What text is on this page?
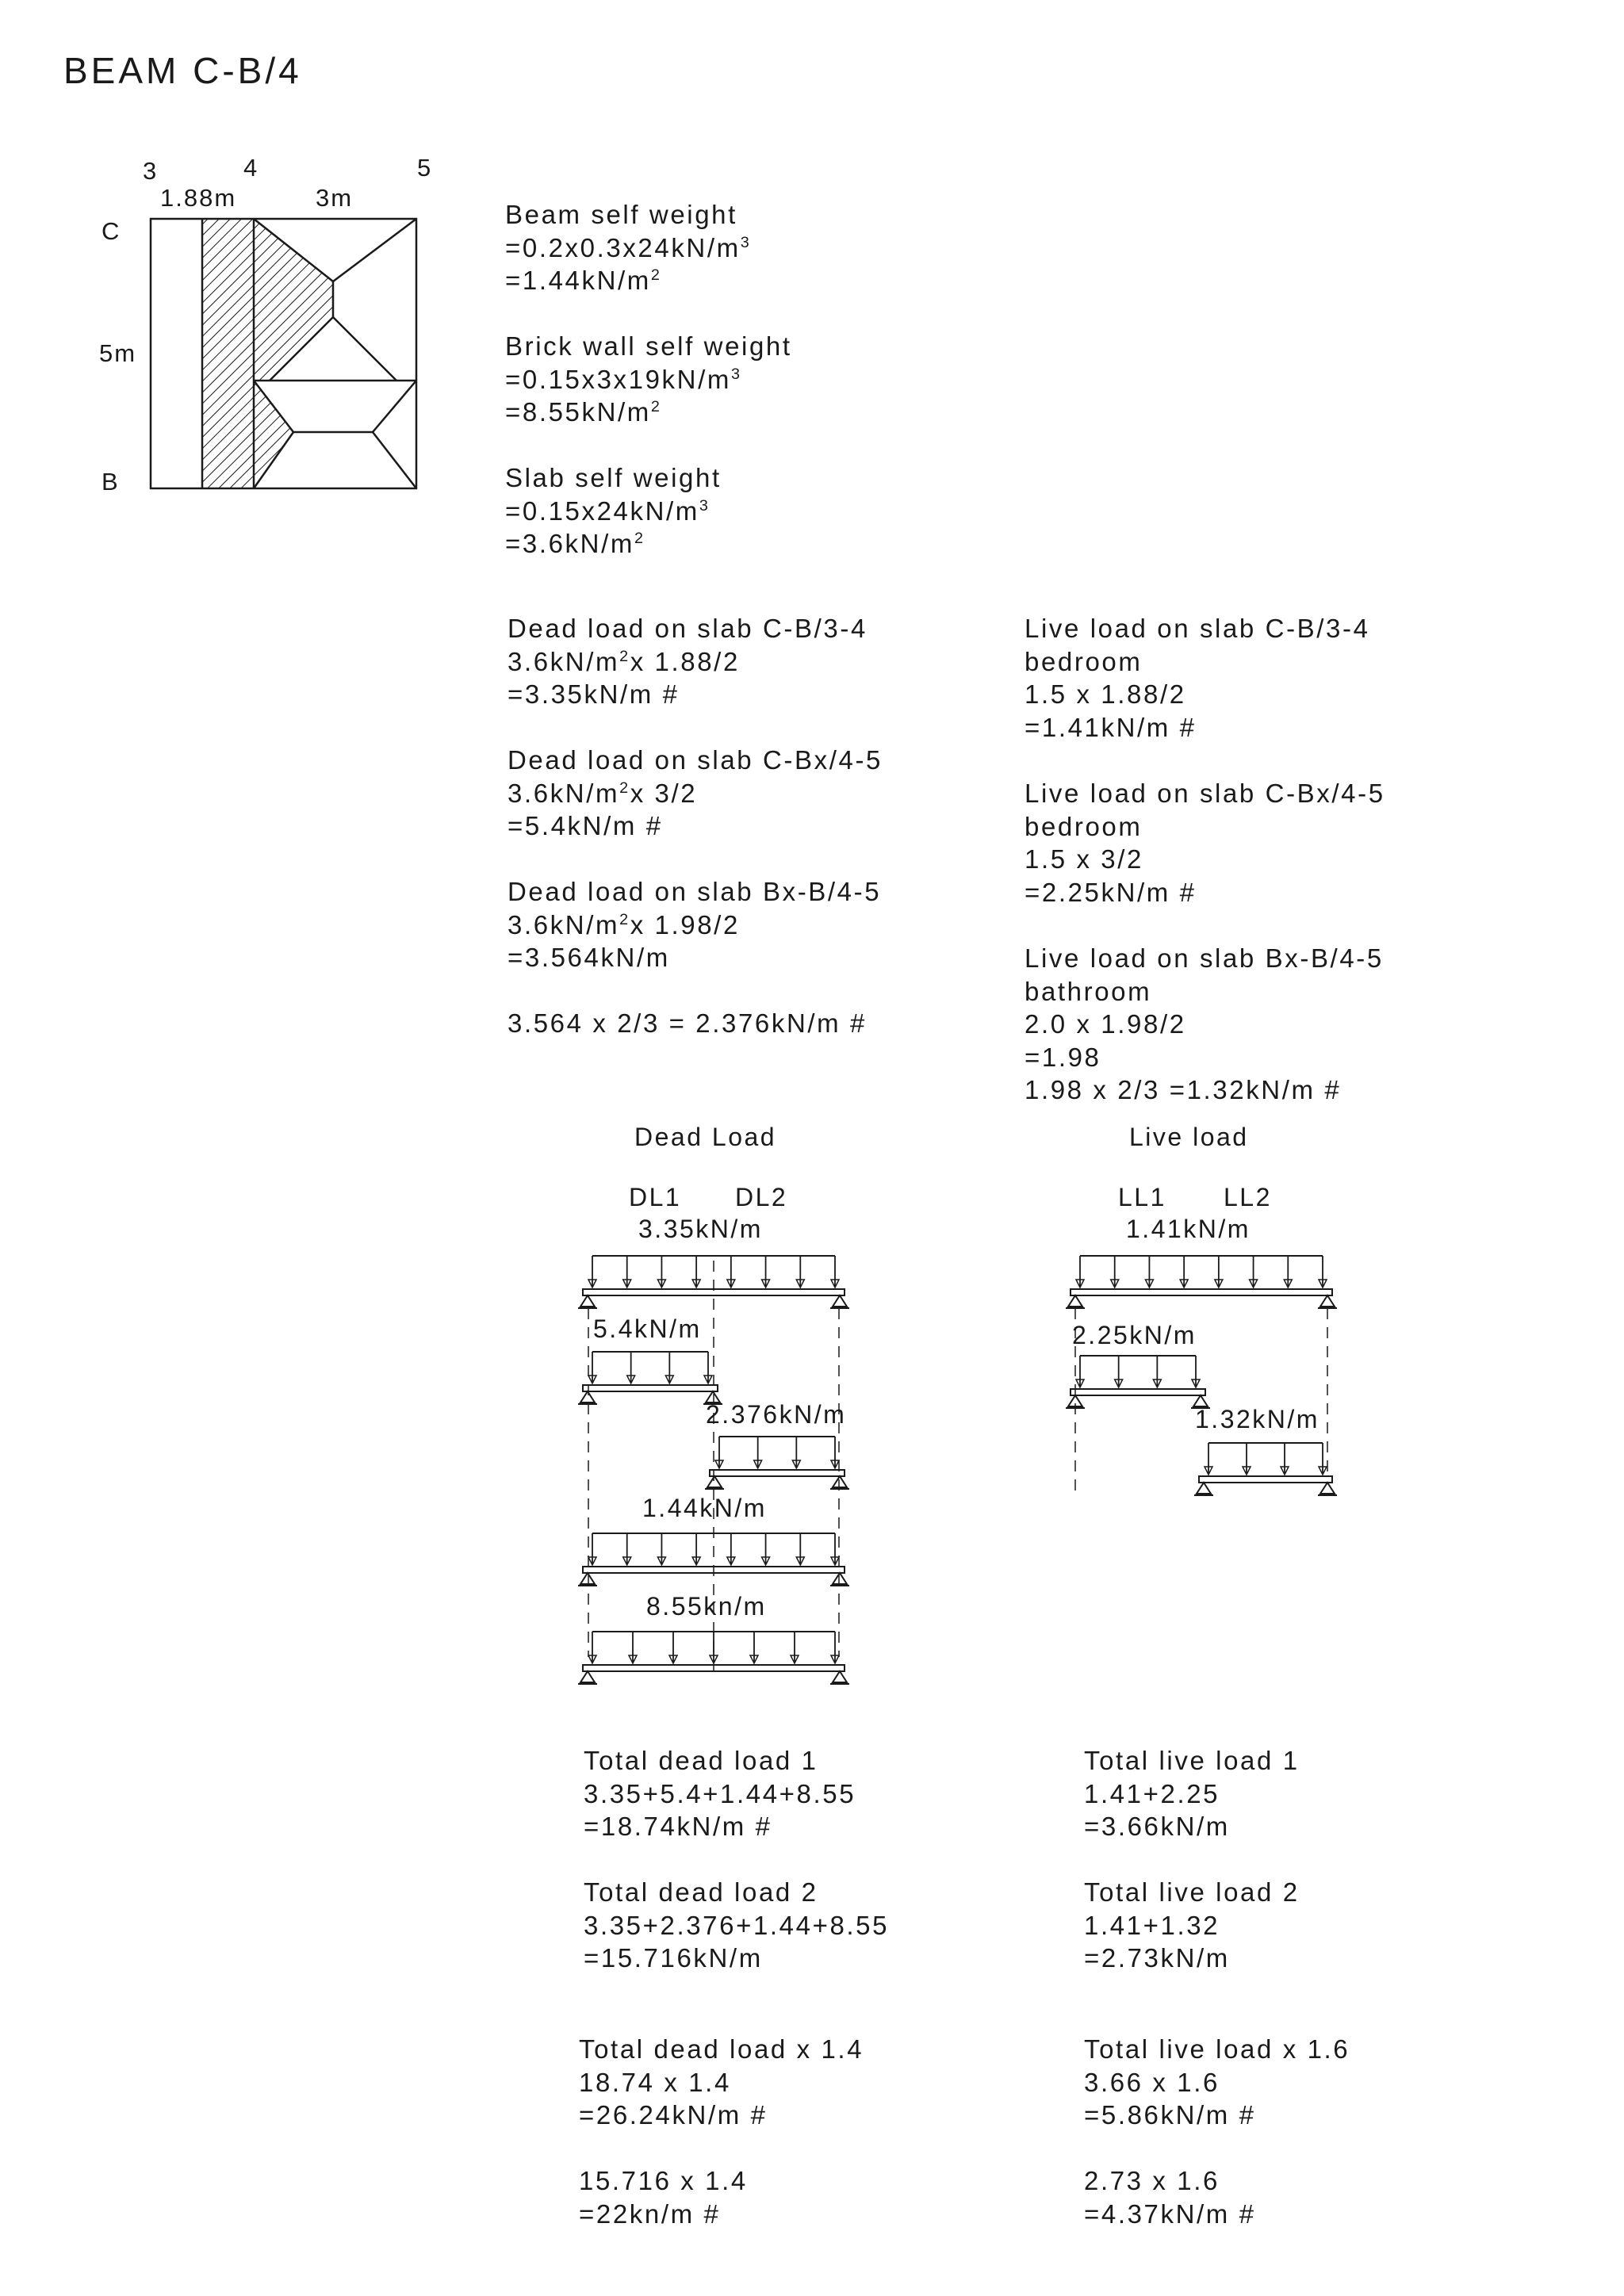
BEAM C-B/4
3	4	5
1.88m	3m
5m
C
B
Beam self weight
$=0.2x0.3x24kN/m^3$
$=1.44kN/m^2$
Brick wall self weight
$=0.15x3x19kN/m^3$
$=8.55kN/m^2$
Slab self weight
$=0.15x24kN/m^3$
$=3.6kN/m^2$
Dead load on slab C-B/3-4
$3.6kN/m^2x$ 1.88/2
=3.35kN/m #
Dead load on slab C-Bx/4-5
$3.6kN/m^2x$ 3/2
=5.4kN/m #
Dead load on slab Bx-B/4-5
$3.6kN/m^2x$ 1.98/2
=3.564kN/m
3.564 x 2/3 = 2.376kN/m #
Live load on slab C-B/3-4
bedroom
1.5 x 1.88/2
=1.41kN/m #
Live load on slab C-Bx/4-5
bedroom
1.5 x 3/2
=2.25kN/m #
Live load on slab Bx-B/4-5
bathroom
2.0 x 1.98/2
=1.98
1.98 x 2/3 =1.32kN/m #
Dead Load	Live load
DL1 DL2
3.35kN/m
5.4kN/m
2.376kN/m
1.44kN/m
8.55kn/m
LL1 LL2
1.41kN/m
2.25kN/m
1.32kN/m
Total dead load 1
3.35+5.4+1.44+8.55
=18.74kN/m #
Total dead load 2
3.35+2.376+1.44+8.55
=15.716kN/m
Total live load 1
1.41+2.25
=3.66kN/m
Total live load 2
1.41+1.32
=2.73kN/m
Total dead load x 1.4
18.74 x 1.4
=26.24kN/m #
15.716 x 1.4
=22kn/m #
Total live load x 1.6
3.66 x 1.6
=5.86kN/m #
2.73 x 1.6
=4.37kN/m #
